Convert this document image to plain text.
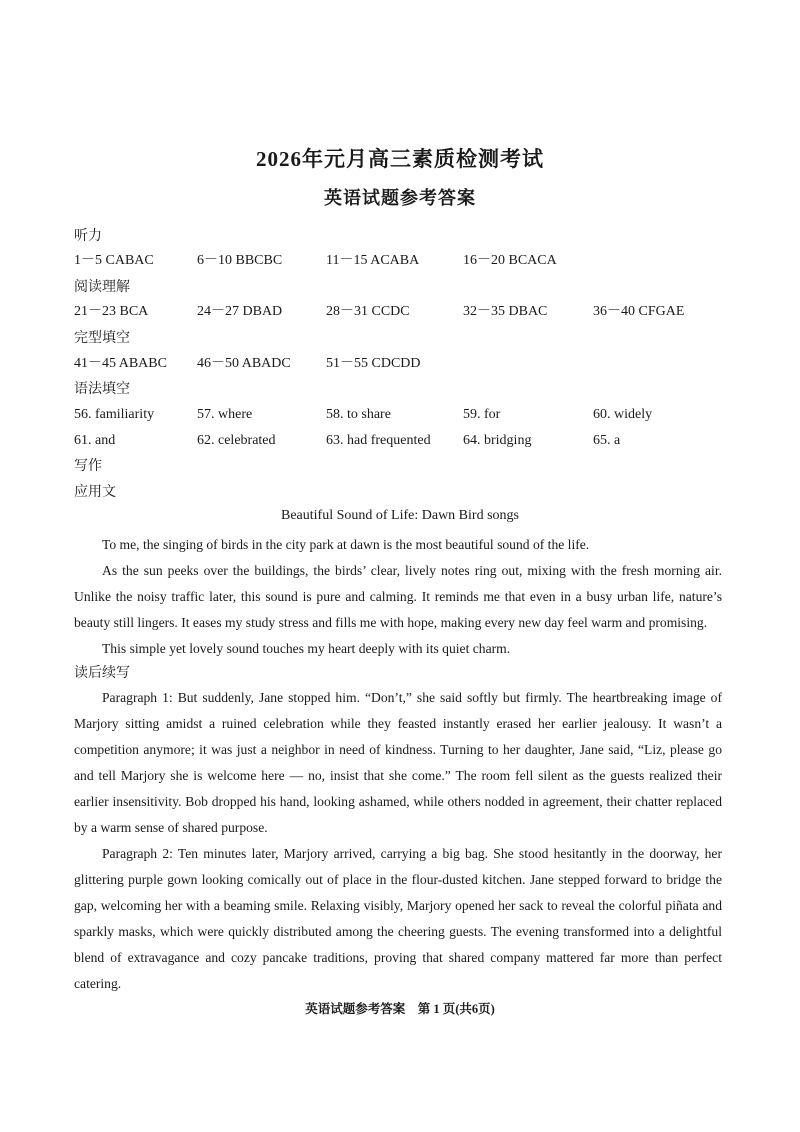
2026年元月高三素质检测考试
英语试题参考答案
听力
1－5 CABAC	6－10 BBCBC	11－15 ACABA	16－20 BCACA
阅读理解
21－23 BCA	24－27 DBAD	28－31 CCDC	32－35 DBAC	36－40 CFGAE
完型填空
41－45 ABABC 46－50 ABADC	51－55 CDCDD
语法填空
56. familiarity	57. where	58. to share	59. for	60. widely
61. and	62. celebrated	63. had frequented 64. bridging	65. a
写作
应用文
Beautiful Sound of Life: Dawn Bird songs

To me, the singing of birds in the city park at dawn is the most beautiful sound of the life.

As the sun peeks over the buildings, the birds’ clear, lively notes ring out, mixing with the fresh morning air. Unlike the noisy traffic later, this sound is pure and calming. It reminds me that even in a busy urban life, nature’s beauty still lingers. It eases my study stress and fills me with hope, making every new day feel warm and promising.

This simple yet lovely sound touches my heart deeply with its quiet charm.

读后续写

Paragraph 1: But suddenly, Jane stopped him. “Don’t,” she said softly but firmly. The heartbreaking image of Marjory sitting amidst a ruined celebration while they feasted instantly erased her earlier jealousy. It wasn’t a competition anymore; it was just a neighbor in need of kindness. Turning to her daughter, Jane said, “Liz, please go and tell Marjory she is welcome here — no, insist that she come.” The room fell silent as the guests realized their earlier insensitivity. Bob dropped his hand, looking ashamed, while others nodded in agreement, their chatter replaced by a warm sense of shared purpose.

Paragraph 2: Ten minutes later, Marjory arrived, carrying a big bag. She stood hesitantly in the doorway, her glittering purple gown looking comically out of place in the flour-dusted kitchen. Jane stepped forward to bridge the gap, welcoming her with a beaming smile. Relaxing visibly, Marjory opened her sack to reveal the colorful piñata and sparkly masks, which were quickly distributed among the cheering guests. The evening transformed into a delightful blend of extravagance and cozy pancake traditions, proving that shared company mattered far more than perfect catering.

英语试题参考答案　第 1 页(共6页)
